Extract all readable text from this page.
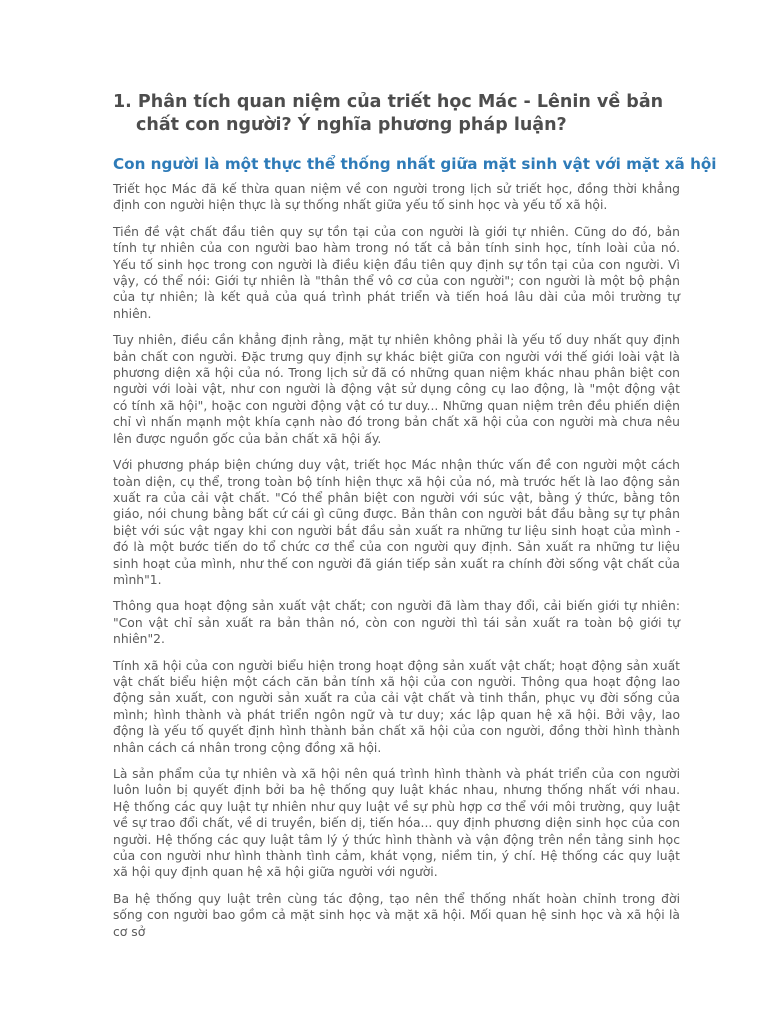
1. Phân tích quan niệm của triết học Mác - Lênin về bản chất con người? Ý nghĩa phương pháp luận?
Con người là một thực thể thống nhất giữa mặt sinh vật với mặt xã hội

Triết học Mác đã kế thừa quan niệm về con người trong lịch sử triết học, đồng thời khẳng định con người hiện thực là sự thống nhất giữa yếu tố sinh học và yếu tố xã hội.

Tiền đề vật chất đầu tiên quy sự tồn tại của con người là giới tự nhiên. Cũng do đó, bản tính tự nhiên của con người bao hàm trong nó tất cả bản tính sinh học, tính loài của nó. Yếu tố sinh học trong con người là điều kiện đầu tiên quy định sự tồn tại của con người. Vì vậy, có thể nói: Giới tự nhiên là "thân thể vô cơ của con người"; con người là một bộ phận của tự nhiên; là kết quả của quá trình phát triển và tiến hoá lâu dài của môi trường tự nhiên.

Tuy nhiên, điều cần khẳng định rằng, mặt tự nhiên không phải là yếu tố duy nhất quy định bản chất con người. Đặc trưng quy định sự khác biệt giữa con người với thế giới loài vật là phương diện xã hội của nó. Trong lịch sử đã có những quan niệm khác nhau phân biệt con người với loài vật, như con người là động vật sử dụng công cụ lao động, là "một động vật có tính xã hội", hoặc con người động vật có tư duy... Những quan niệm trên đều phiến diện chỉ vì nhấn mạnh một khía cạnh nào đó trong bản chất xã hội của con người mà chưa nêu lên được nguồn gốc của bản chất xã hội ấy.

Với phương pháp biện chứng duy vật, triết học Mác nhận thức vấn đề con người một cách toàn diện, cụ thể, trong toàn bộ tính hiện thực xã hội của nó, mà trước hết là lao động sản xuất ra của cải vật chất. "Có thể phân biệt con người với súc vật, bằng ý thức, bằng tôn giáo, nói chung bằng bất cứ cái gì cũng được. Bản thân con người bắt đầu bằng sự tự phân biệt với súc vật ngay khi con người bắt đầu sản xuất ra những tư liệu sinh hoạt của mình - đó là một bước tiến do tổ chức cơ thể của con người quy định. Sản xuất ra những tư liệu sinh hoạt của mình, như thế con người đã gián tiếp sản xuất ra chính đời sống vật chất của mình"1.

Thông qua hoạt động sản xuất vật chất; con người đã làm thay đổi, cải biến giới tự nhiên: "Con vật chỉ sản xuất ra bản thân nó, còn con người thì tái sản xuất ra toàn bộ giới tự nhiên"2.

Tính xã hội của con người biểu hiện trong hoạt động sản xuất vật chất; hoạt động sản xuất vật chất biểu hiện một cách căn bản tính xã hội của con người. Thông qua hoạt động lao động sản xuất, con người sản xuất ra của cải vật chất và tinh thần, phục vụ đời sống của mình; hình thành và phát triển ngôn ngữ và tư duy; xác lập quan hệ xã hội. Bởi vậy, lao động là yếu tố quyết định hình thành bản chất xã hội của con người, đồng thời hình thành nhân cách cá nhân trong cộng đồng xã hội.

Là sản phẩm của tự nhiên và xã hội nên quá trình hình thành và phát triển của con người luôn luôn bị quyết định bởi ba hệ thống quy luật khác nhau, nhưng thống nhất với nhau. Hệ thống các quy luật tự nhiên như quy luật về sự phù hợp cơ thể với môi trường, quy luật về sự trao đổi chất, về di truyền, biến dị, tiến hóa... quy định phương diện sinh học của con người. Hệ thống các quy luật tâm lý ý thức hình thành và vận động trên nền tảng sinh học của con người như hình thành tình cảm, khát vọng, niềm tin, ý chí. Hệ thống các quy luật xã hội quy định quan hệ xã hội giữa người với người.

Ba hệ thống quy luật trên cùng tác động, tạo nên thể thống nhất hoàn chỉnh trong đời sống con người bao gồm cả mặt sinh học và mặt xã hội. Mối quan hệ sinh học và xã hội là cơ sở
